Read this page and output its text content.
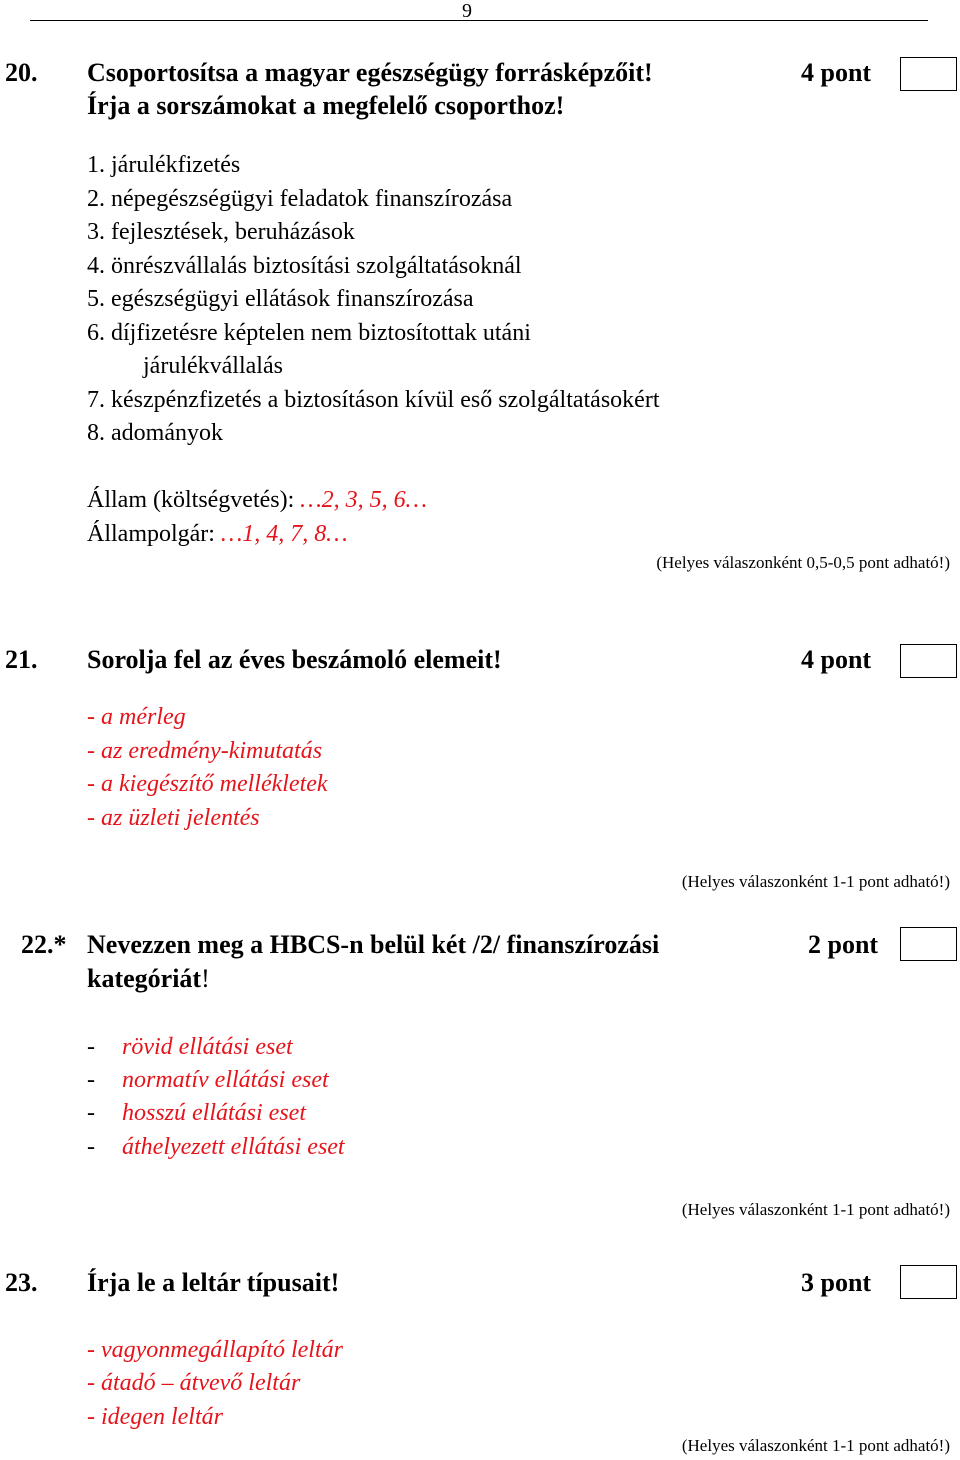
9
20. Csoportosítsa a magyar egészségügy forrásképzőit!	4 pont
Írja a sorszámokat a megfelelő csoporthoz!
1. járulékfizetés
2. népegészségügyi feladatok finanszírozása
3. fejlesztések, beruházások
4. önrészvállalás biztosítási szolgáltatásoknál
5. egészségügyi ellátások finanszírozása
6. díjfizetésre képtelen nem biztosítottak utáni
járulékvállalás
7. készpénzfizetés a biztosításon kívül eső szolgáltatásokért
8. adományok
Állam (költségvetés): …2, 3, 5, 6…
Állampolgár: …1, 4, 7, 8…
(Helyes válaszonként 0,5-0,5 pont adható!)
21. Sorolja fel az éves beszámoló elemeit!	4 pont
- a mérleg
- az eredmény-kimutatás
- a kiegészítő mellékletek
- az üzleti jelentés
(Helyes válaszonként 1-1 pont adható!)
22.* Nevezzen meg a HBCS-n belül két /2/ finanszírozási	2 pont
kategóriát!
- rövid ellátási eset
- normatív ellátási eset
- hosszú ellátási eset
- áthelyezett ellátási eset
(Helyes válaszonként 1-1 pont adható!)
23. Írja le a leltár típusait!	3 pont
- vagyonmegállapító leltár
- átadó – átvevő leltár
- idegen leltár
(Helyes válaszonként 1-1 pont adható!)
